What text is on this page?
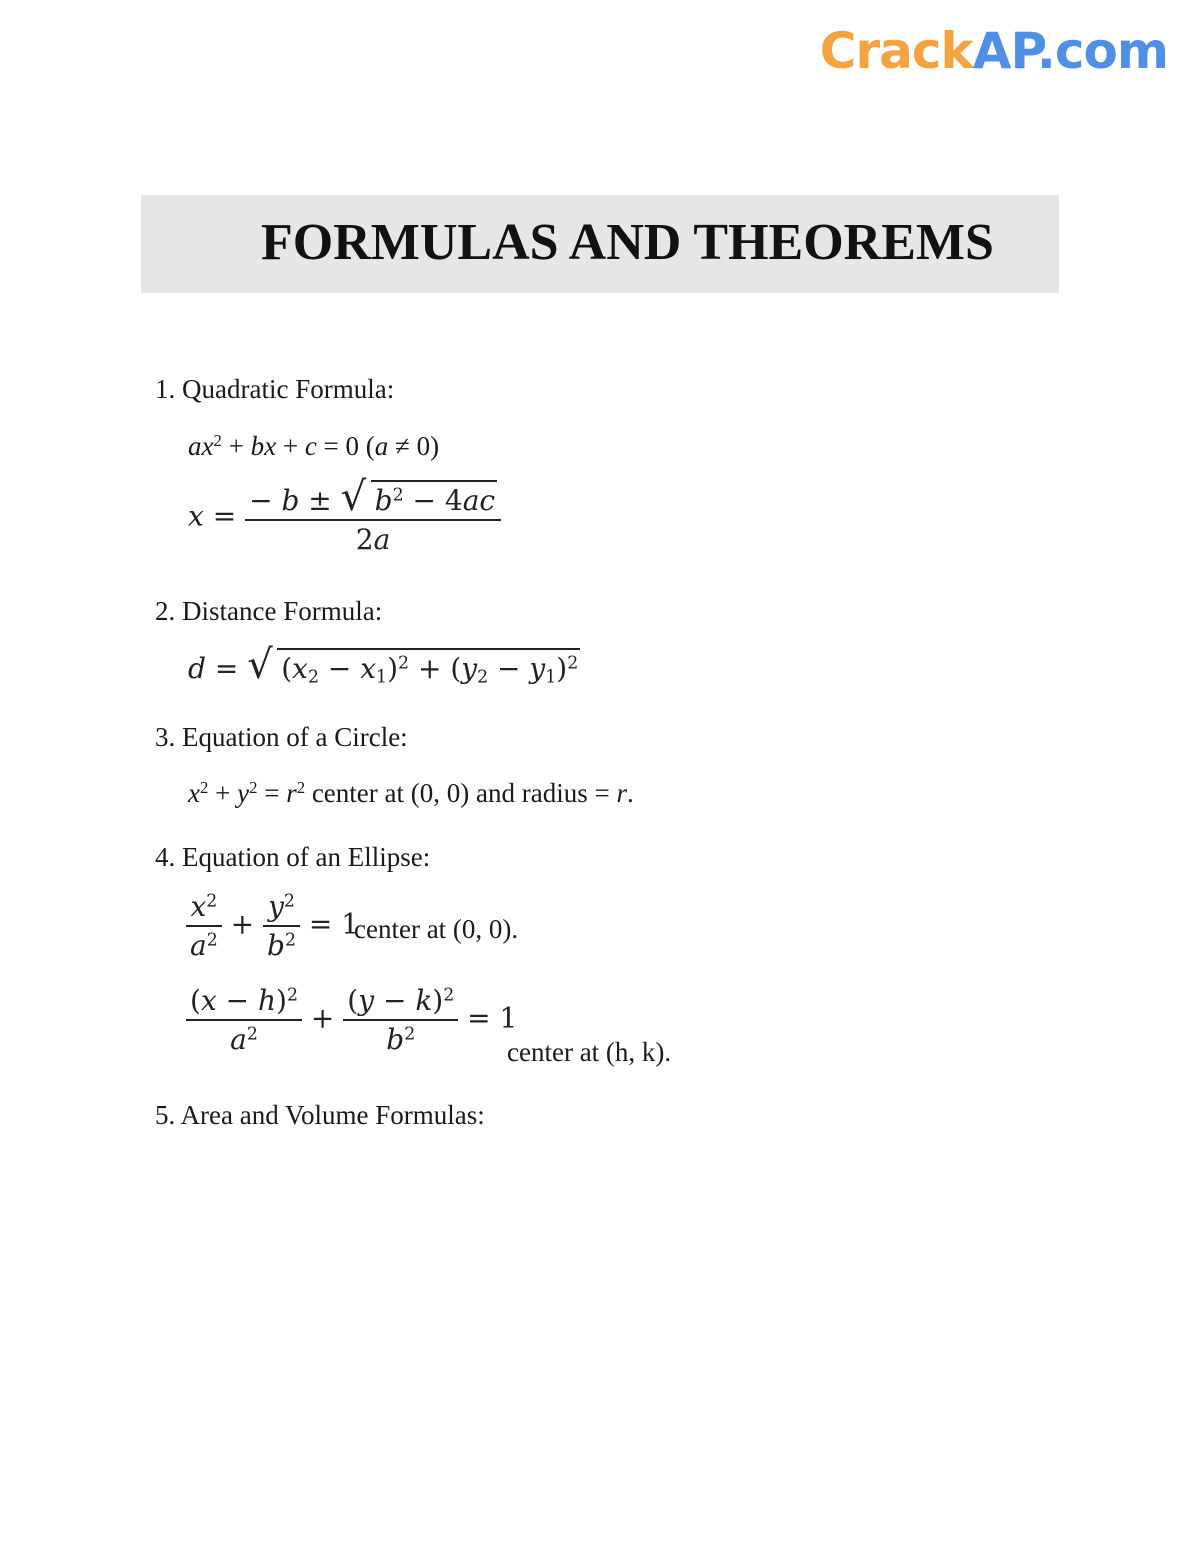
CrackAP.com
FORMULAS AND THEOREMS
1. Quadratic Formula:
$ax^2$ + bx + c = 0 (a ≠ 0)
$x = \frac{- b \pm √ b^2 - 4ac}{2a}$
2. Distance Formula:
d = √ $(x_2 - x_1)^2 + (y_2 - y_1)^2$
3. Equation of a Circle:
$x^2 + y^2 = r^2$ center at (0, 0) and radius = r.
4. Equation of an Ellipse:
$\frac{x^2}{a^2} + \frac{y^2}{b^2} = 1$
center at (0, 0).
$\frac{(x - h)^2}{a^2} + \frac{(y - k)^2}{b^2} = 1$
center at (h, k).
5. Area and Volume Formulas:
